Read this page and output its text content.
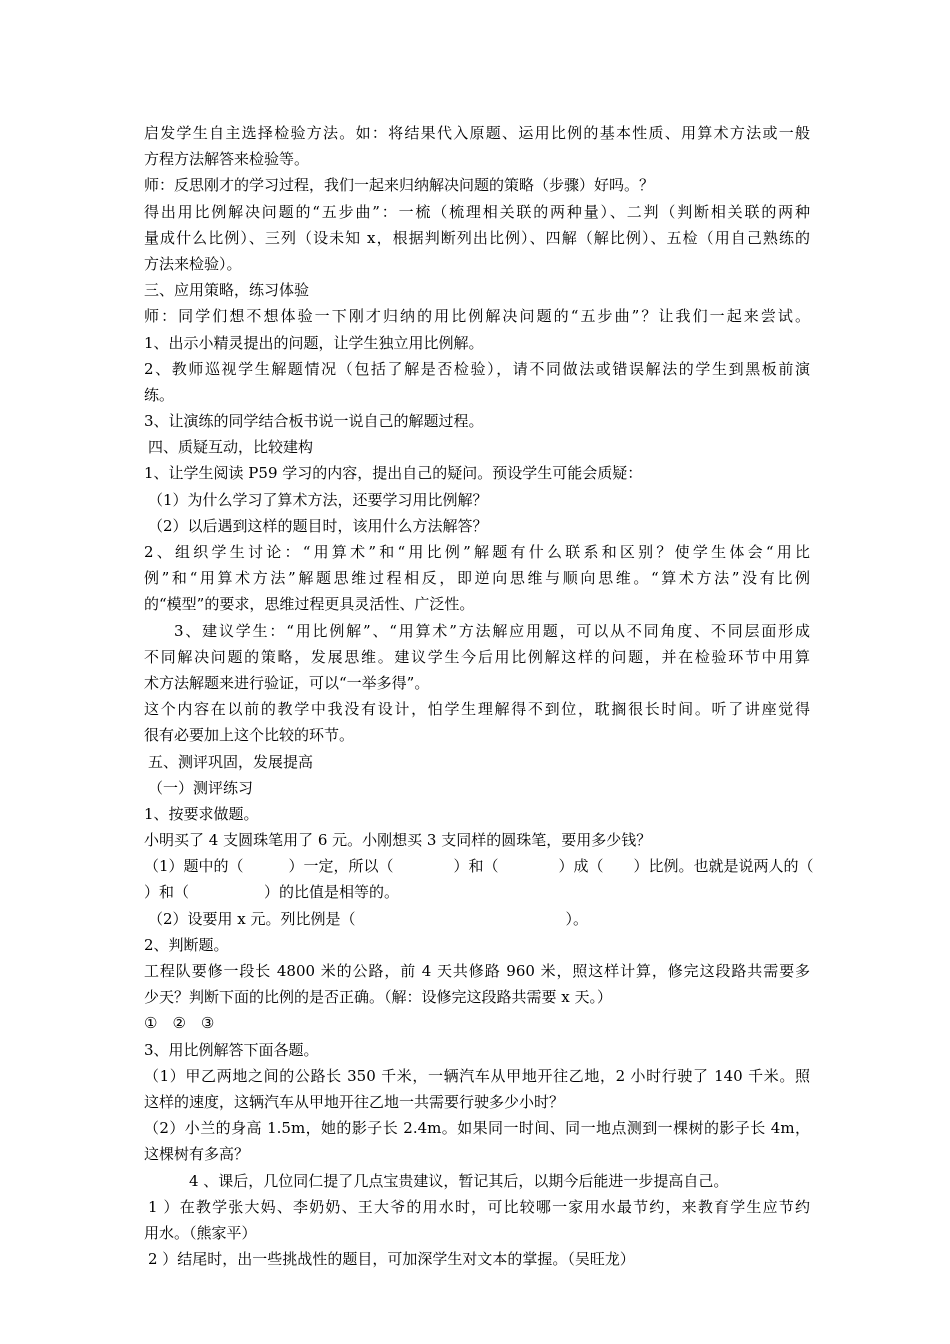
启发学生自主选择检验方法。如：将结果代入原题、运用比例的基本性质、用算术方法或一般
方程方法解答来检验等。
师：反思刚才的学习过程，我们一起来归纳解决问题的策略（步骤）好吗。？
得出用比例解决问题的“五步曲”：一梳（梳理相关联的两种量）、二判（判断相关联的两种
量成什么比例）、三列（设未知 x，根据判断列出比例）、四解（解比例）、五检（用自己熟练的
方法来检验）。
三、应用策略，练习体验
师：同学们想不想体验一下刚才归纳的用比例解决问题的“五步曲”？让我们一起来尝试。
1、出示小精灵提出的问题，让学生独立用比例解。
2、教师巡视学生解题情况（包括了解是否检验），请不同做法或错误解法的学生到黑板前演
练。
3、让演练的同学结合板书说一说自己的解题过程。
四、质疑互动，比较建构
1、让学生阅读 P59 学习的内容，提出自己的疑问。预设学生可能会质疑：
（1）为什么学习了算术方法，还要学习用比例解？
（2）以后遇到这样的题目时，该用什么方法解答？
2、组织学生讨论：“用算术”和“用比例”解题有什么联系和区别？使学生体会“用比
例”和“用算术方法”解题思维过程相反，即逆向思维与顺向思维。“算术方法”没有比例
的“模型”的要求，思维过程更具灵活性、广泛性。
3、建议学生：“用比例解”、“用算术”方法解应用题，可以从不同角度、不同层面形成
不同解决问题的策略，发展思维。建议学生今后用比例解这样的问题，并在检验环节中用算
术方法解题来进行验证，可以“一举多得”。
这个内容在以前的教学中我没有设计，怕学生理解得不到位，耽搁很长时间。听了讲座觉得
很有必要加上这个比较的环节。
五、测评巩固，发展提高
（一）测评练习
1、按要求做题。
小明买了 4 支圆珠笔用了 6 元。小刚想买 3 支同样的圆珠笔，要用多少钱？
（1）题中的（　　　）一定，所以（　　　　）和（　　　　）成（　　）比例。也就是说两人的（
）和（　　　　　）的比值是相等的。
（2）设要用 x 元。列比例是（　　　　　　　　　　　　　　）。
2、判断题。
工程队要修一段长 4800 米的公路，前 4 天共修路 960 米，照这样计算，修完这段路共需要多
少天？判断下面的比例的是否正确。（解：设修完这段路共需要 x 天。）
①　②　③
3、用比例解答下面各题。
（1）甲乙两地之间的公路长 350 千米，一辆汽车从甲地开往乙地，2 小时行驶了 140 千米。照
这样的速度，这辆汽车从甲地开往乙地一共需要行驶多少小时？
（2）小兰的身高 1.5m，她的影子长 2.4m。如果同一时间、同一地点测到一棵树的影子长 4m，
这棵树有多高？
4 、课后，几位同仁提了几点宝贵建议，暂记其后，以期今后能进一步提高自己。
1 ）在教学张大妈、李奶奶、王大爷的用水时，可比较哪一家用水最节约，来教育学生应节约
用水。（熊家平）
2 ）结尾时，出一些挑战性的题目，可加深学生对文本的掌握。（吴旺龙）
